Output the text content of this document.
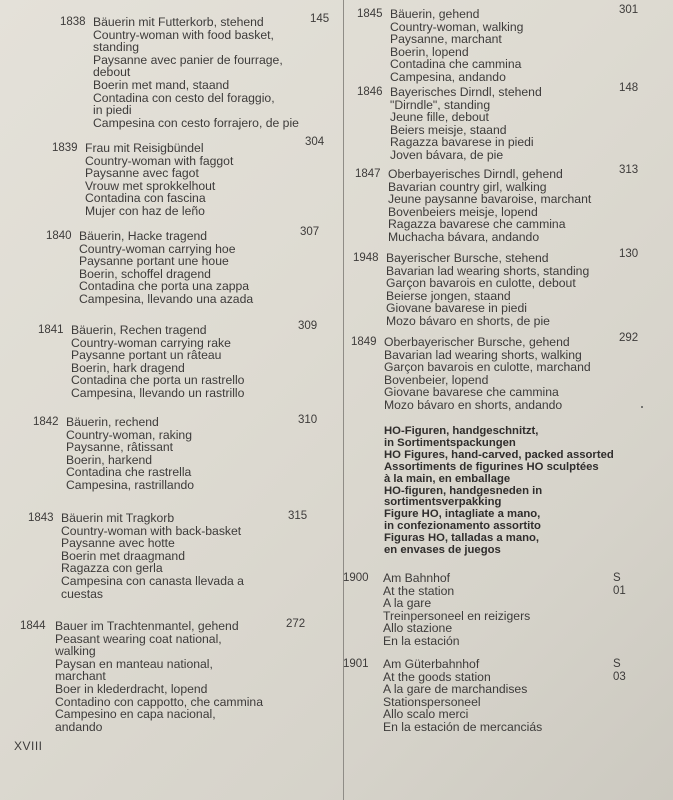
1838	145
Bäuerin mit Futterkorb, stehend
Country-woman with food basket,
standing
Paysanne avec panier de fourrage,
debout
Boerin met mand, staand
Contadina con cesto del foraggio,
in piedi
Campesina con cesto forrajero, de pie
1839	304
Frau mit Reisigbündel
Country-woman with faggot
Paysanne avec fagot
Vrouw met sprokkelhout
Contadina con fascina
Mujer con haz de leño
1840	307
Bäuerin, Hacke tragend
Country-woman carrying hoe
Paysanne portant une houe
Boerin, schoffel dragend
Contadina che porta una zappa
Campesina, llevando una azada
1841	309
Bäuerin, Rechen tragend
Country-woman carrying rake
Paysanne portant un râteau
Boerin, hark dragend
Contadina che porta un rastrello
Campesina, llevando un rastrillo
1842	310
Bäuerin, rechend
Country-woman, raking
Paysanne, râtissant
Boerin, harkend
Contadina che rastrella
Campesina, rastrillando
1843	315
Bäuerin mit Tragkorb
Country-woman with back-basket
Paysanne avec hotte
Boerin met draagmand
Ragazza con gerla
Campesina con canasta llevada a
cuestas
1844	272
Bauer im Trachtenmantel, gehend
Peasant wearing coat national,
walking
Paysan en manteau national,
marchant
Boer in klederdracht, lopend
Contadino con cappotto, che cammina
Campesino en capa nacional,
andando
XVIII
1845	301
Bäuerin, gehend
Country-woman, walking
Paysanne, marchant
Boerin, lopend
Contadina che cammina
Campesina, andando
1846	148
Bayerisches Dirndl, stehend
"Dirndle", standing
Jeune fille, debout
Beiers meisje, staand
Ragazza bavarese in piedi
Joven bávara, de pie
1847	313
Oberbayerisches Dirndl, gehend
Bavarian country girl, walking
Jeune paysanne bavaroise, marchant
Bovenbeiers meisje, lopend
Ragazza bavarese che cammina
Muchacha bávara, andando
1948	130
Bayerischer Bursche, stehend
Bavarian lad wearing shorts, standing
Garçon bavarois en culotte, debout
Beierse jongen, staand
Giovane bavarese in piedi
Mozo bávaro en shorts, de pie
1849	292
Oberbayerischer Bursche, gehend
Bavarian lad wearing shorts, walking
Garçon bavarois en culotte, marchand
Bovenbeier, lopend
Giovane bavarese che cammina
Mozo bávaro en shorts, andando
HO-Figuren, handgeschnitzt,
in Sortimentspackungen
HO Figures, hand-carved, packed assorted
Assortiments de figurines HO sculptées
à la main, en emballage
HO-figuren, handgesneden in
sortimentsverpakking
Figure HO, intagliate a mano,
in confezionamento assortito
Figuras HO, talladas a mano,
en envases de juegos
1900	S 01
Am Bahnhof
At the station
A la gare
Treinpersoneel en reizigers
Allo stazione
En la estación
1901	S 03
Am Güterbahnhof
At the goods station
A la gare de marchandises
Stationspersoneel
Allo scalo merci
En la estación de mercanciás
